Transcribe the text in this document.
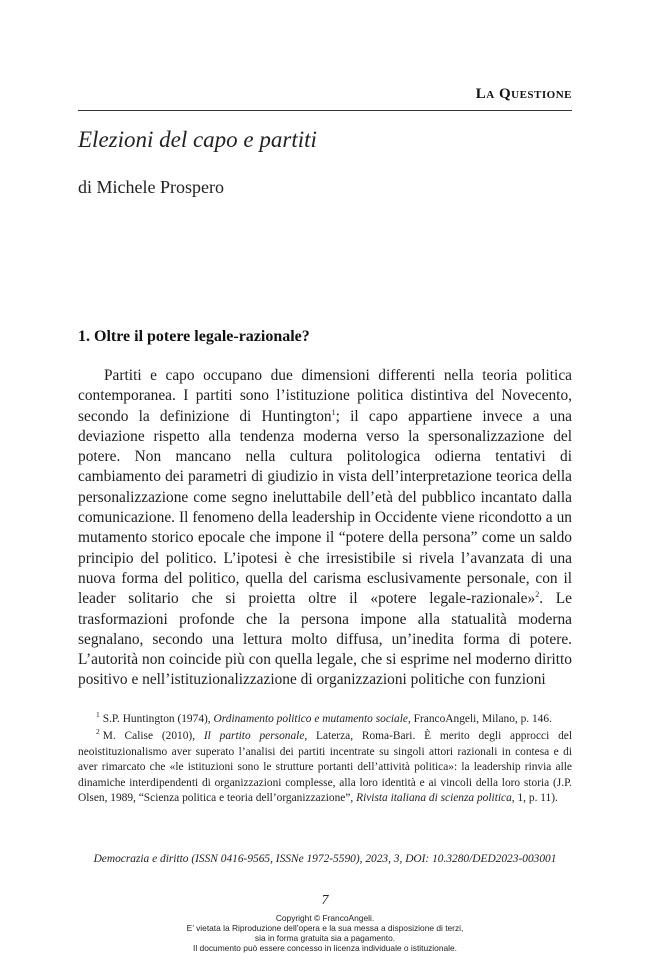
La Questione
Elezioni del capo e partiti
di Michele Prospero
1. Oltre il potere legale-razionale?

Partiti e capo occupano due dimensioni differenti nella teoria politica contemporanea. I partiti sono l’istituzione politica distintiva del Novecento, secondo la definizione di Huntington$^1$; il capo appartiene invece a una deviazione rispetto alla tendenza moderna verso la spersonalizzazione del potere. Non mancano nella cultura politologica odierna tentativi di cambiamento dei parametri di giudizio in vista dell’interpretazione teorica della personalizzazione come segno ineluttabile dell’età del pubblico incantato dalla comunicazione. Il fenomeno della leadership in Occidente viene ricondotto a un mutamento storico epocale che impone il “potere della persona” come un saldo principio del politico. L’ipotesi è che irresistibile si rivela l’avanzata di una nuova forma del politico, quella del carisma esclusivamente personale, con il leader solitario che si proietta oltre il «potere legale-razionale»$^2$. Le trasformazioni profonde che la persona impone alla statualità moderna segnalano, secondo una lettura molto diffusa, un’inedita forma di potere. L’autorità non coincide più con quella legale, che si esprime nel moderno diritto positivo e nell’istituzionalizzazione di organizzazioni politiche con funzioni

$^1$ S.P. Huntington (1974), Ordinamento politico e mutamento sociale, FrancoAngeli, Milano, p. 146.

$^2$ M. Calise (2010), Il partito personale, Laterza, Roma-Bari. È merito degli approcci del neoistituzionalismo aver superato l’analisi dei partiti incentrate su singoli attori razionali in contesa e di aver rimarcato che «le istituzioni sono le strutture portanti dell’attività politica»: la leadership rinvia alle dinamiche interdipendenti di organizzazioni complesse, alla loro identità e ai vincoli della loro storia (J.P. Olsen, 1989, “Scienza politica e teoria dell’organizzazione”, Rivista italiana di scienza politica, 1, p. 11).

Democrazia e diritto (ISSN 0416-9565, ISSNe 1972-5590), 2023, 3, DOI: 10.3280/DED2023-003001
7
Copyright © FrancoAngeli.
E’ vietata la Riproduzione dell’opera e la sua messa a disposizione di terzi,
sia in forma gratuita sia a pagamento.
Il documento può essere concesso in licenza individuale o istituzionale.
